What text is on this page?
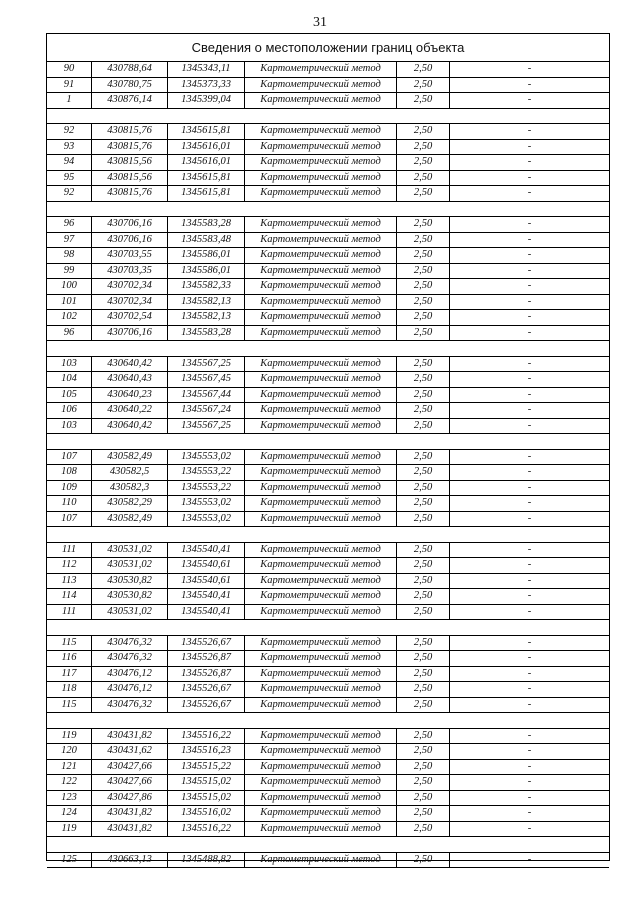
31
Сведения о местоположении границ объекта
90	430788,64	1345343,11	Картометрический метод	2,50	-
91	430780,75	1345373,33	Картометрический метод	2,50	-
1	430876,14	1345399,04	Картометрический метод	2,50	-
92	430815,76	1345615,81	Картометрический метод	2,50	-
93	430815,76	1345616,01	Картометрический метод	2,50	-
94	430815,56	1345616,01	Картометрический метод	2,50	-
95	430815,56	1345615,81	Картометрический метод	2,50	-
92	430815,76	1345615,81	Картометрический метод	2,50	-
96	430706,16	1345583,28	Картометрический метод	2,50	-
97	430706,16	1345583,48	Картометрический метод	2,50	-
98	430703,55	1345586,01	Картометрический метод	2,50	-
99	430703,35	1345586,01	Картометрический метод	2,50	-
100	430702,34	1345582,33	Картометрический метод	2,50	-
101	430702,34	1345582,13	Картометрический метод	2,50	-
102	430702,54	1345582,13	Картометрический метод	2,50	-
96	430706,16	1345583,28	Картометрический метод	2,50	-
103	430640,42	1345567,25	Картометрический метод	2,50	-
104	430640,43	1345567,45	Картометрический метод	2,50	-
105	430640,23	1345567,44	Картометрический метод	2,50	-
106	430640,22	1345567,24	Картометрический метод	2,50	-
103	430640,42	1345567,25	Картометрический метод	2,50	-
107	430582,49	1345553,02	Картометрический метод	2,50	-
108	430582,5	1345553,22	Картометрический метод	2,50	-
109	430582,3	1345553,22	Картометрический метод	2,50	-
110	430582,29	1345553,02	Картометрический метод	2,50	-
107	430582,49	1345553,02	Картометрический метод	2,50	-
111	430531,02	1345540,41	Картометрический метод	2,50	-
112	430531,02	1345540,61	Картометрический метод	2,50	-
113	430530,82	1345540,61	Картометрический метод	2,50	-
114	430530,82	1345540,41	Картометрический метод	2,50	-
111	430531,02	1345540,41	Картометрический метод	2,50	-
115	430476,32	1345526,67	Картометрический метод	2,50	-
116	430476,32	1345526,87	Картометрический метод	2,50	-
117	430476,12	1345526,87	Картометрический метод	2,50	-
118	430476,12	1345526,67	Картометрический метод	2,50	-
115	430476,32	1345526,67	Картометрический метод	2,50	-
119	430431,82	1345516,22	Картометрический метод	2,50	-
120	430431,62	1345516,23	Картометрический метод	2,50	-
121	430427,66	1345515,22	Картометрический метод	2,50	-
122	430427,66	1345515,02	Картометрический метод	2,50	-
123	430427,86	1345515,02	Картометрический метод	2,50	-
124	430431,82	1345516,02	Картометрический метод	2,50	-
119	430431,82	1345516,22	Картометрический метод	2,50	-
125	430663,13	1345488,82	Картометрический метод	2,50	-
